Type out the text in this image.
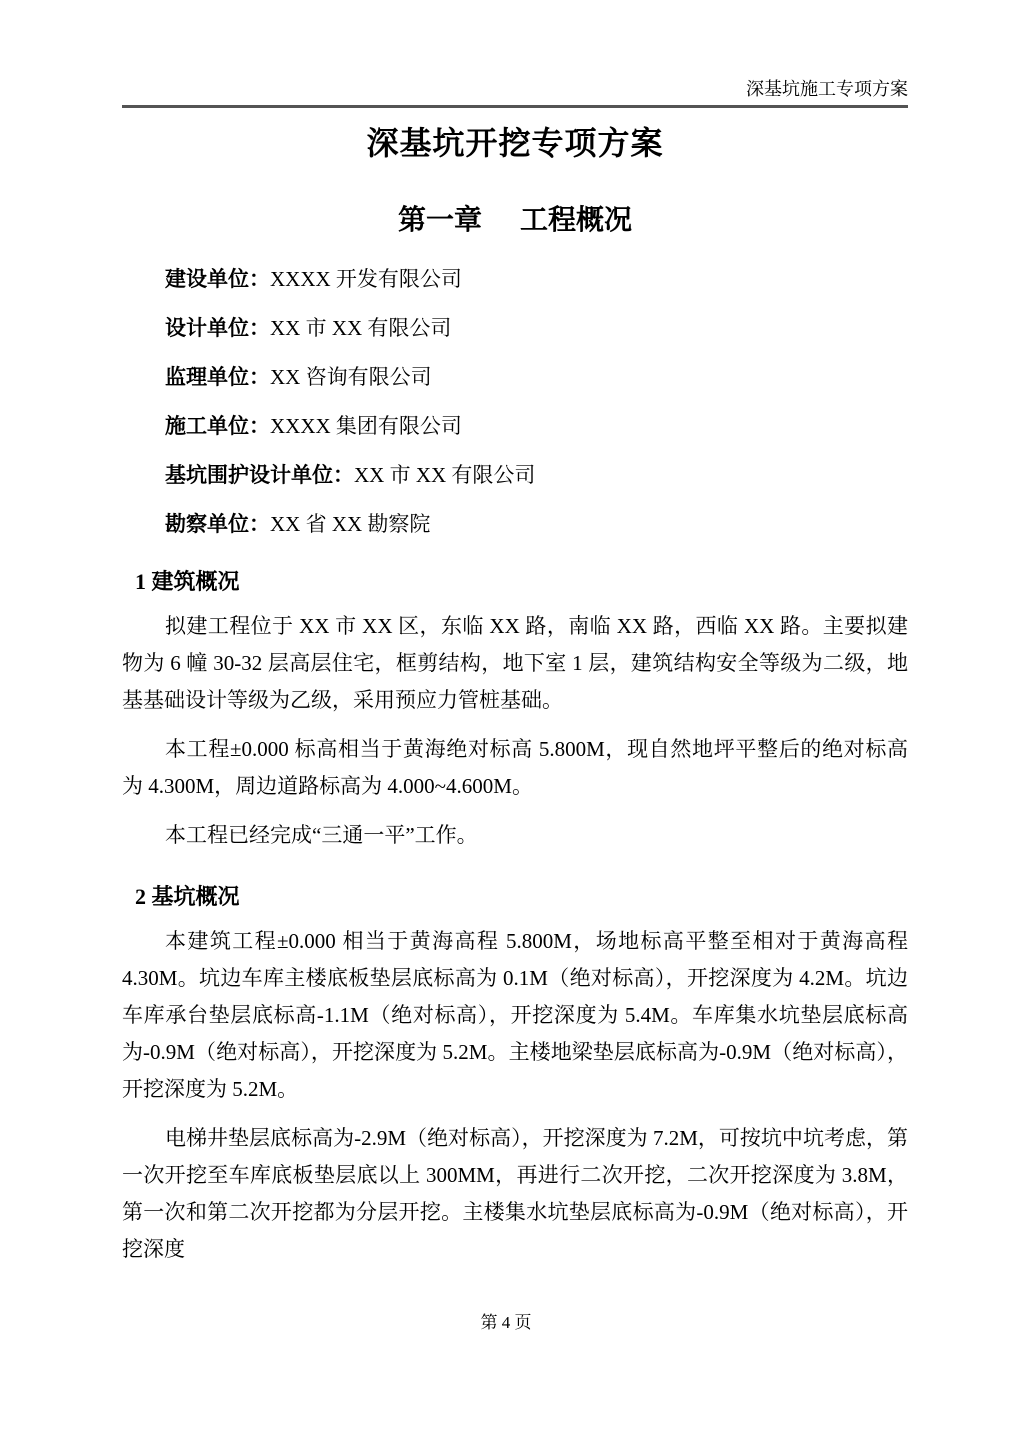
深基坑施工专项方案
深基坑开挖专项方案
第一章 工程概况

建设单位：XXXX 开发有限公司

设计单位：XX 市 XX 有限公司

监理单位：XX 咨询有限公司

施工单位：XXXX 集团有限公司

基坑围护设计单位：XX 市 XX 有限公司

勘察单位：XX 省 XX 勘察院

1 建筑概况

拟建工程位于 XX 市 XX 区，东临 XX 路，南临 XX 路，西临 XX 路。主要拟建物为 6 幢 30-32 层高层住宅，框剪结构，地下室 1 层，建筑结构安全等级为二级，地基基础设计等级为乙级，采用预应力管桩基础。

本工程±0.000 标高相当于黄海绝对标高 5.800M，现自然地坪平整后的绝对标高为 4.300M，周边道路标高为 4.000~4.600M。

本工程已经完成“三通一平”工作。

2 基坑概况

本建筑工程±0.000 相当于黄海高程 5.800M，场地标高平整至相对于黄海高程 4.30M。坑边车库主楼底板垫层底标高为 0.1M（绝对标高），开挖深度为 4.2M。坑边车库承台垫层底标高-1.1M（绝对标高），开挖深度为 5.4M。车库集水坑垫层底标高为-0.9M（绝对标高），开挖深度为 5.2M。主楼地梁垫层底标高为-0.9M（绝对标高），开挖深度为 5.2M。

电梯井垫层底标高为-2.9M（绝对标高），开挖深度为 7.2M，可按坑中坑考虑，第一次开挖至车库底板垫层底以上 300MM，再进行二次开挖，二次开挖深度为 3.8M，第一次和第二次开挖都为分层开挖。主楼集水坑垫层底标高为-0.9M（绝对标高），开挖深度

第 4 页
